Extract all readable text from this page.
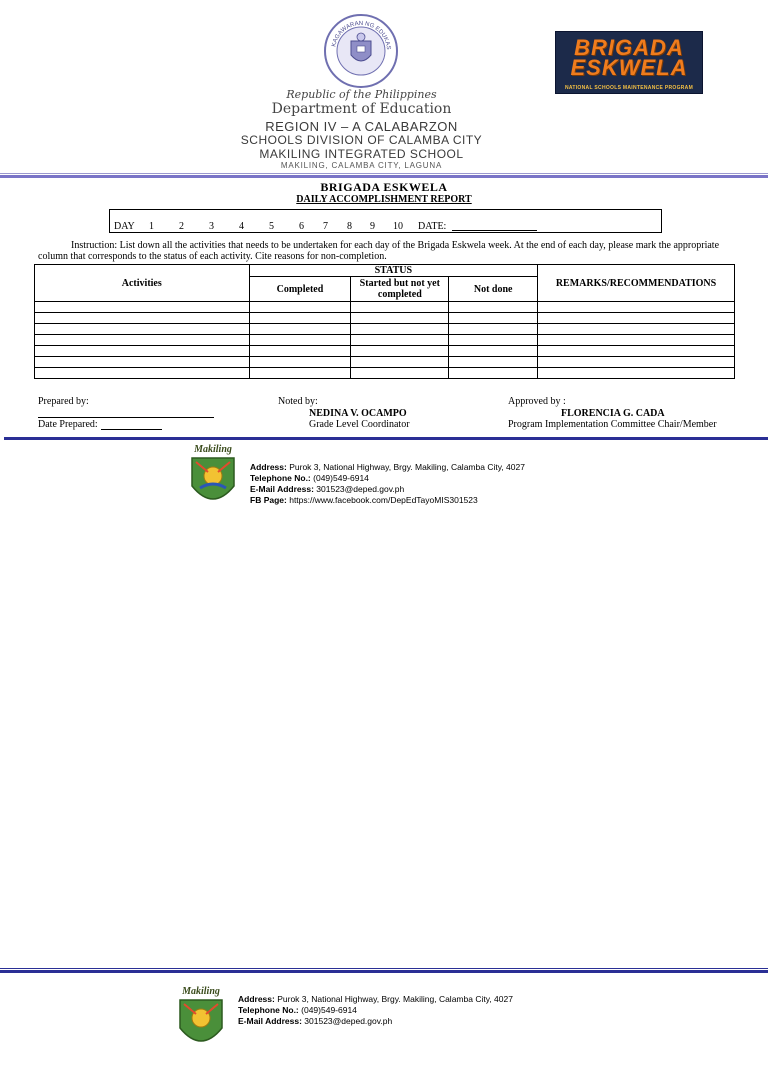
KAGAWARAN NG EDUKAS	BRIGADA
ESKWELA
NATIONAL SCHOOLS MAINTENANCE PROGRAM
Republic of the Philippines
Department of Education
REGION IV – A CALABARZON
SCHOOLS DIVISION OF CALAMBA CITY
MAKILING INTEGRATED SCHOOL
MAKILING, CALAMBA CITY, LAGUNA
BRIGADA ESKWELA
DAILY ACCOMPLISHMENT REPORT
DAY 1	2	3	4	5	6 7 8 9 10 DATE:
Instruction: List down all the activities that needs to be undertaken for each day of the Brigada Eskwela week. At the end of each day, please mark the appropriate column that corresponds to the status of each activity. Cite reasons for non-completion.
Activities	STATUS			REMARKS/RECOMMENDATIONS
	Completed	Started but not yet completed	Not done	

Prepared by:
Date Prepared:
Noted by:
NEDINA V. OCAMPO
Grade Level Coordinator
Approved by :
FLORENCIA G. CADA
Program Implementation Committee Chair/Member
Makiling
Address: Purok 3, National Highway, Brgy. Makiling, Calamba City, 4027
Telephone No.: (049)549-6914
E-Mail Address: 301523@deped.gov.ph
FB Page: https://www.facebook.com/DepEdTayoMIS301523
Makiling
Address: Purok 3, National Highway, Brgy. Makiling, Calamba City, 4027
Telephone No.: (049)549-6914
E-Mail Address: 301523@deped.gov.ph
